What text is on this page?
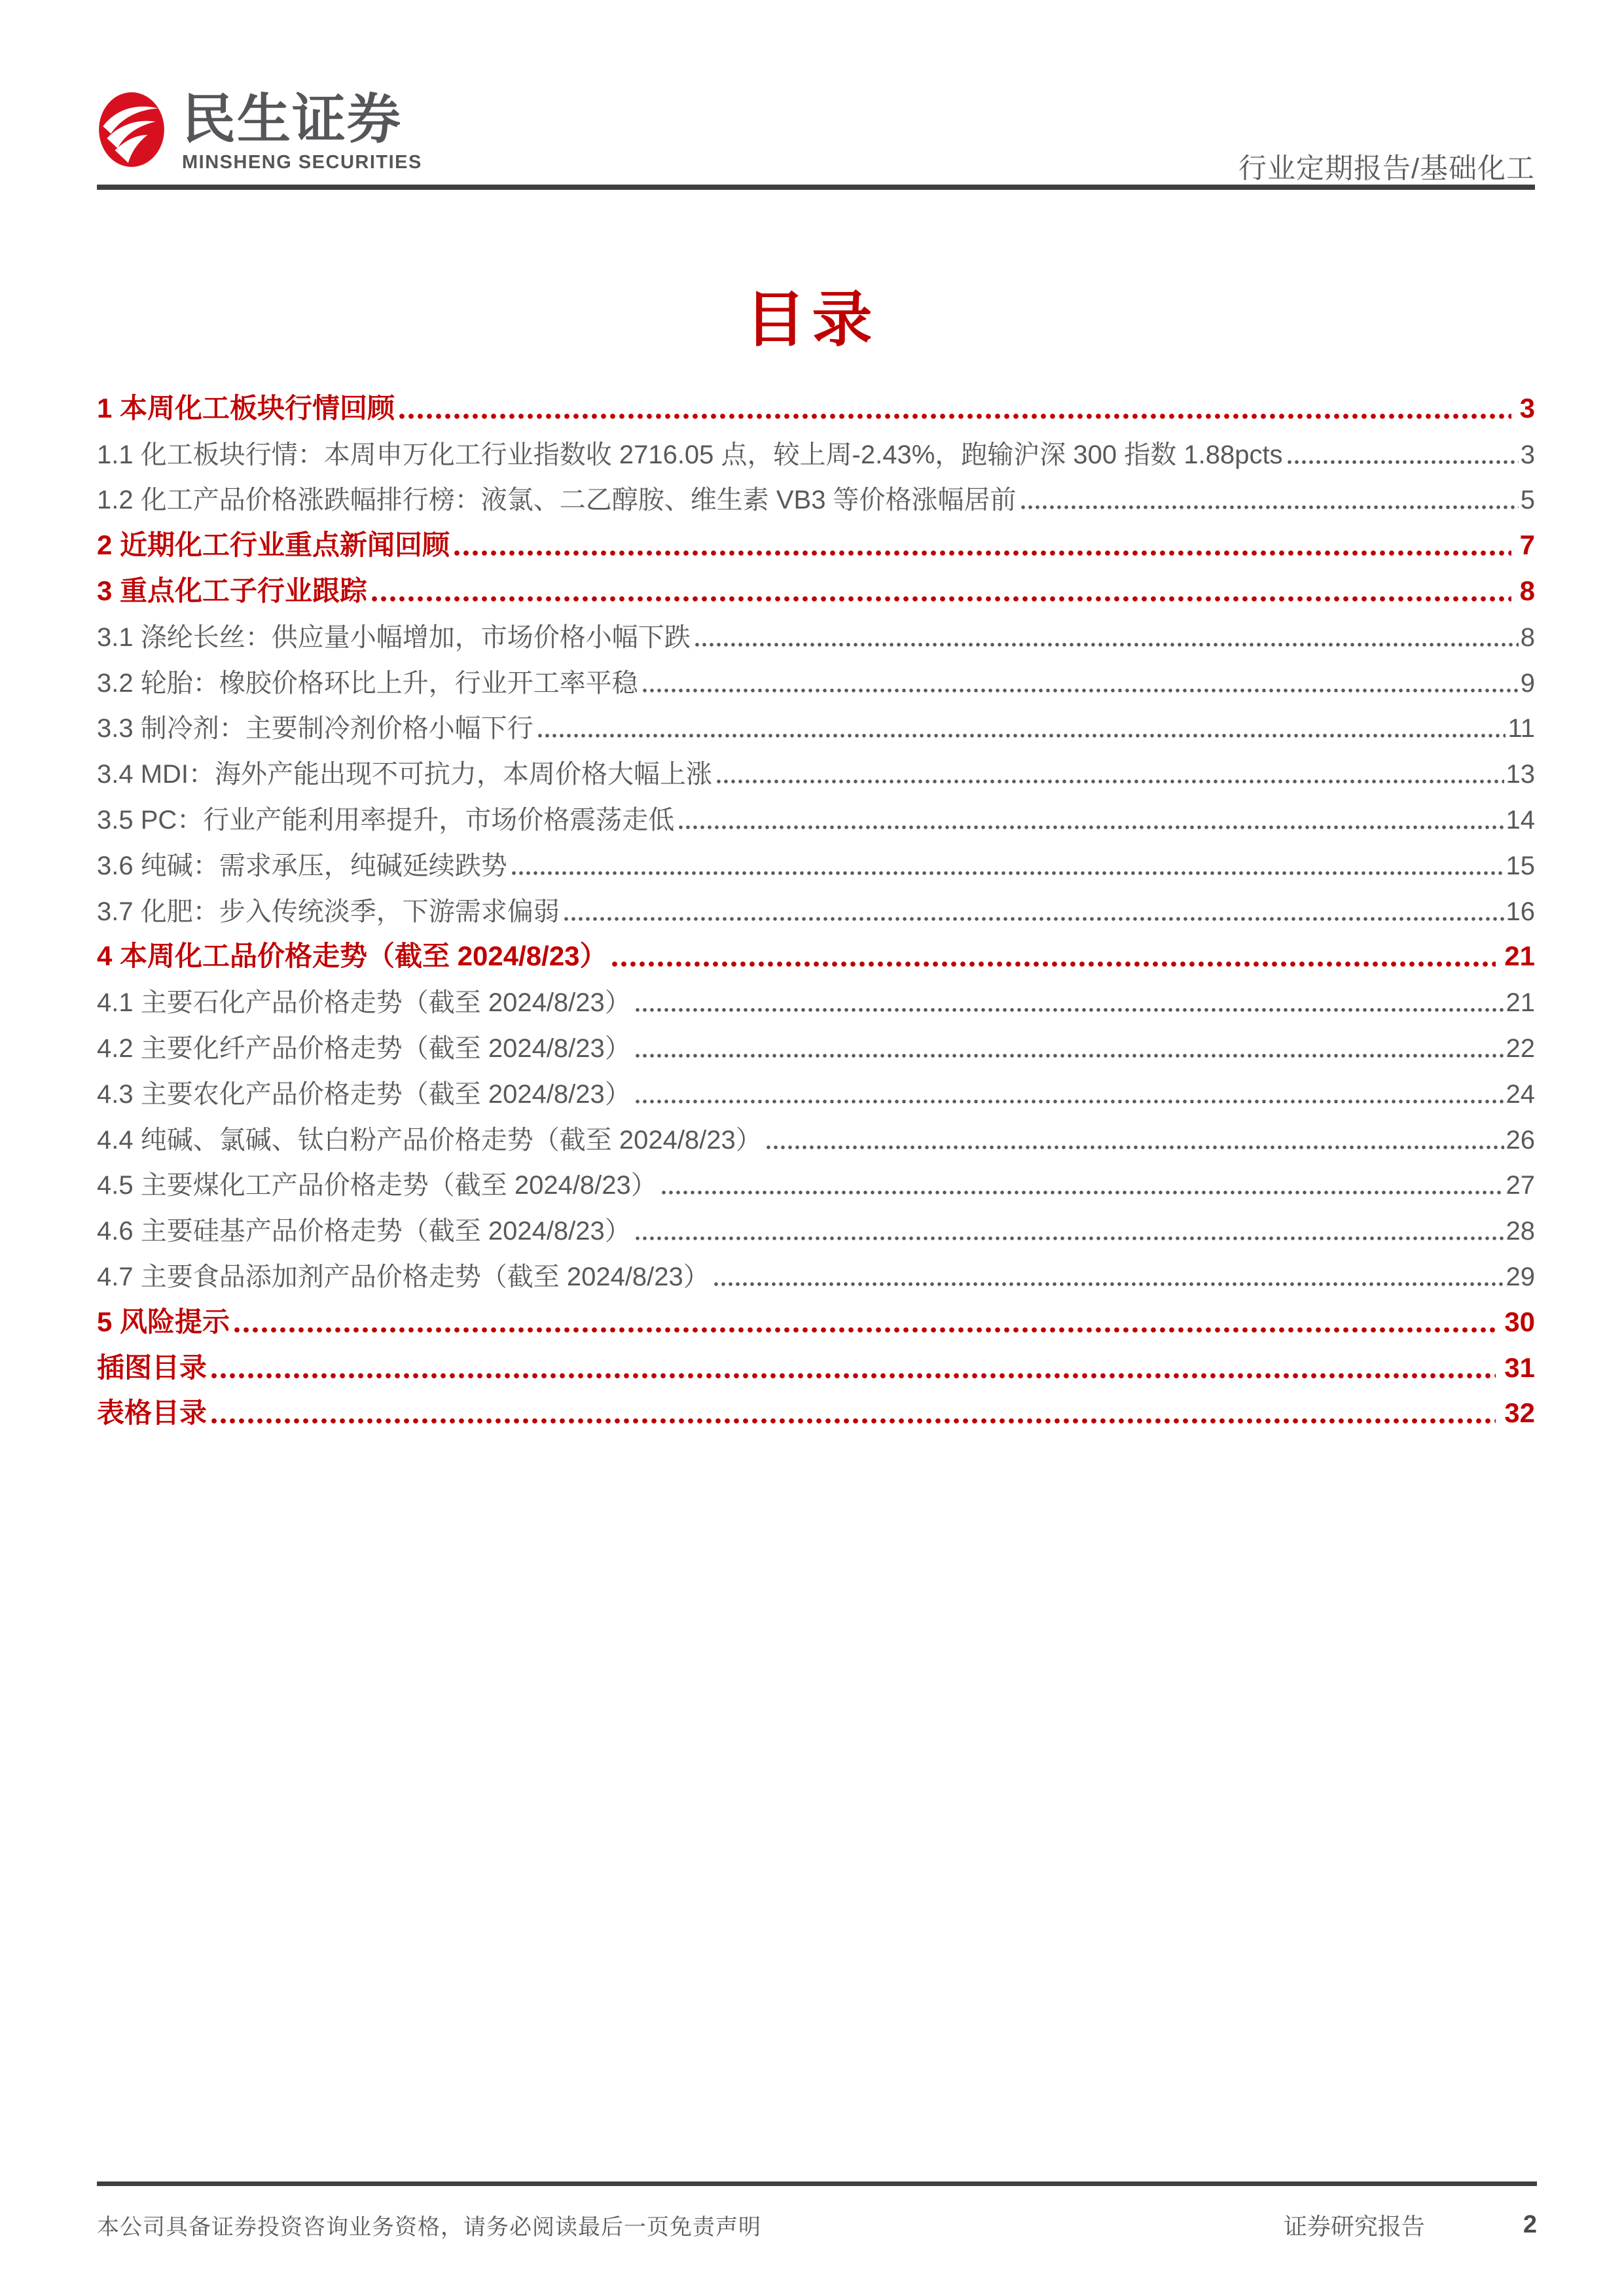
民生证券
MINSHENG SECURITIES	行业定期报告/基础化工
目录
1 本周化工板块行情回顾	3
1.1 化工板块行情：本周申万化工行业指数收 2716.05 点，较上周-2.43%，跑输沪深 300 指数 1.88pcts	3
1.2 化工产品价格涨跌幅排行榜：液氯、二乙醇胺、维生素 VB3 等价格涨幅居前	5
2 近期化工行业重点新闻回顾	7
3 重点化工子行业跟踪	8
3.1 涤纶长丝：供应量小幅增加，市场价格小幅下跌	8
3.2 轮胎：橡胶价格环比上升，行业开工率平稳	9
3.3 制冷剂：主要制冷剂价格小幅下行	11
3.4 MDI：海外产能出现不可抗力，本周价格大幅上涨	13
3.5 PC：行业产能利用率提升，市场价格震荡走低	14
3.6 纯碱：需求承压，纯碱延续跌势	15
3.7 化肥：步入传统淡季，下游需求偏弱	16
4 本周化工品价格走势（截至 2024/8/23）	21
4.1 主要石化产品价格走势（截至 2024/8/23）	21
4.2 主要化纤产品价格走势（截至 2024/8/23）	22
4.3 主要农化产品价格走势（截至 2024/8/23）	24
4.4 纯碱、氯碱、钛白粉产品价格走势（截至 2024/8/23）	26
4.5 主要煤化工产品价格走势（截至 2024/8/23）	27
4.6 主要硅基产品价格走势（截至 2024/8/23）	28
4.7 主要食品添加剂产品价格走势（截至 2024/8/23）	29
5 风险提示	30
插图目录	31
表格目录	32
本公司具备证券投资咨询业务资格，请务必阅读最后一页免责声明	证券研究报告	2
